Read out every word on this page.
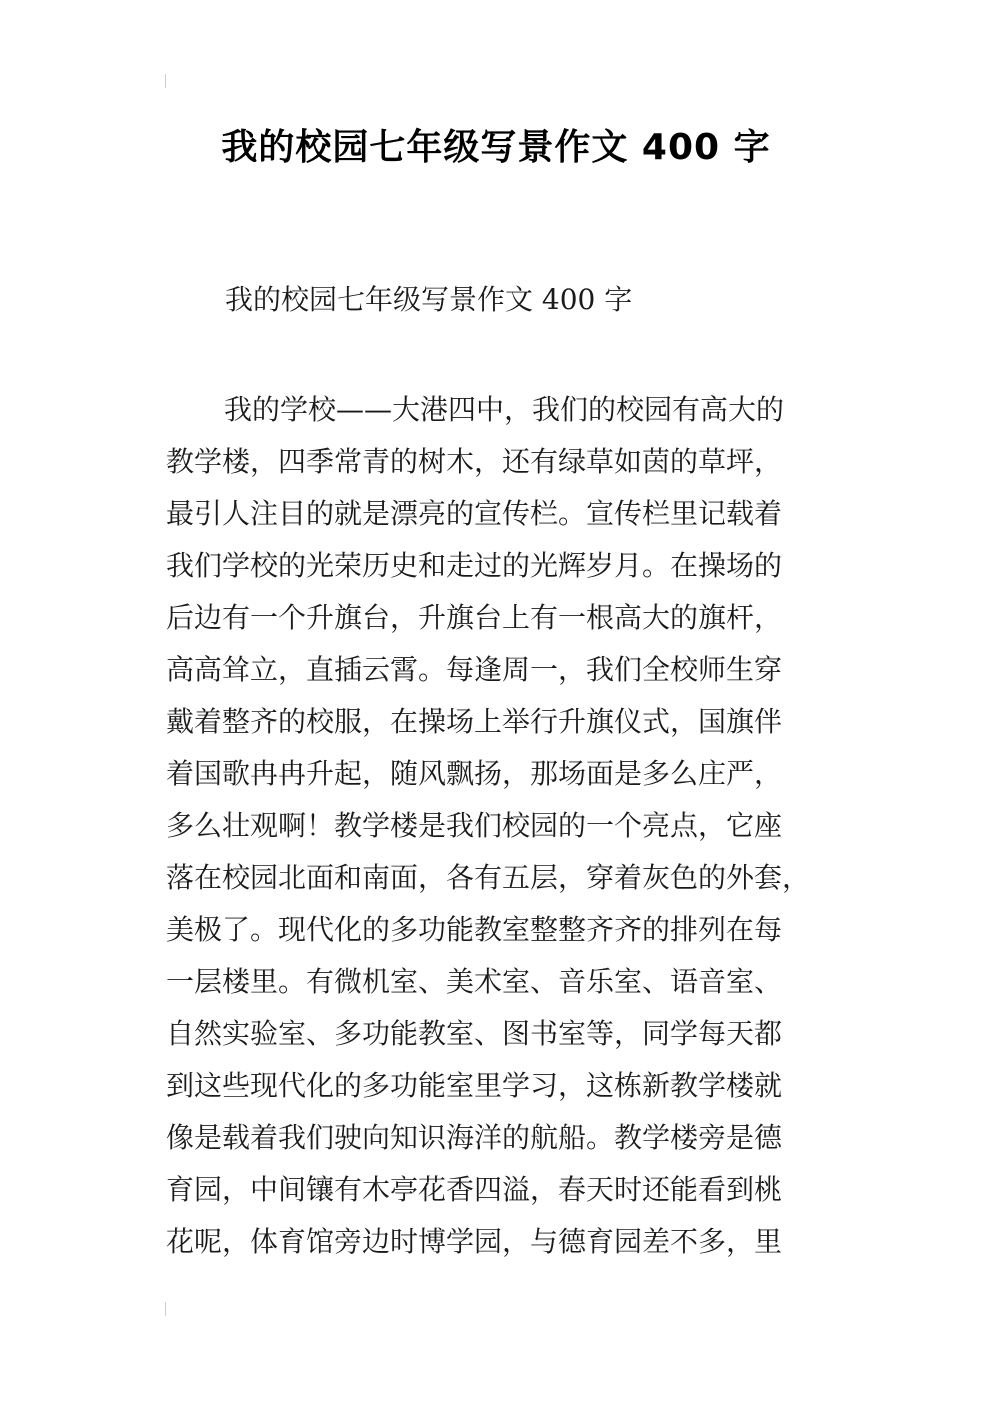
我的校园七年级写景作文 400 字
我的校园七年级写景作文 400 字
我的学校——大港四中，我们的校园有高大的
教学楼，四季常青的树木，还有绿草如茵的草坪，
最引人注目的就是漂亮的宣传栏。宣传栏里记载着
我们学校的光荣历史和走过的光辉岁月。在操场的
后边有一个升旗台，升旗台上有一根高大的旗杆，
高高耸立，直插云霄。每逢周一，我们全校师生穿
戴着整齐的校服，在操场上举行升旗仪式，国旗伴
着国歌冉冉升起，随风飘扬，那场面是多么庄严，
多么壮观啊！教学楼是我们校园的一个亮点，它座
落在校园北面和南面，各有五层，穿着灰色的外套，
美极了。现代化的多功能教室整整齐齐的排列在每
一层楼里。有微机室、美术室、音乐室、语音室、
自然实验室、多功能教室、图书室等，同学每天都
到这些现代化的多功能室里学习，这栋新教学楼就
像是载着我们驶向知识海洋的航船。教学楼旁是德
育园，中间镶有木亭花香四溢，春天时还能看到桃
花呢，体育馆旁边时博学园，与德育园差不多，里
